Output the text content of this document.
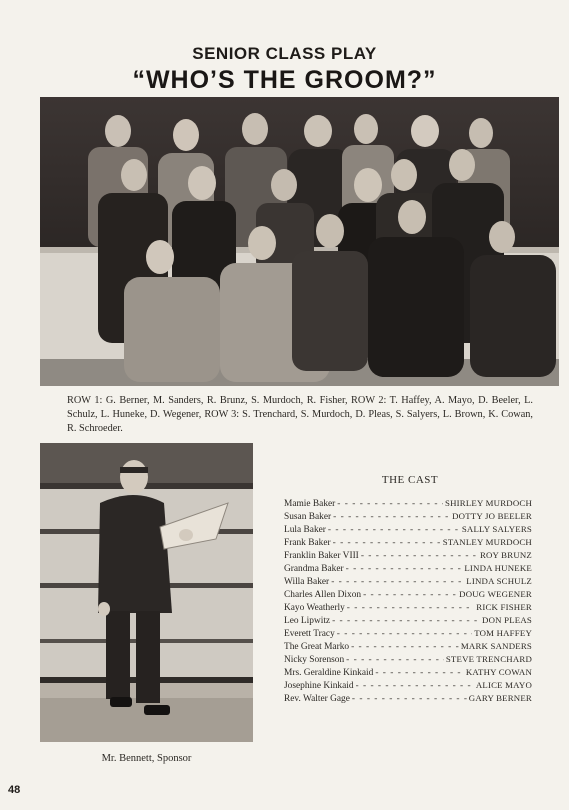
SENIOR CLASS PLAY
“WHO’S THE GROOM?”
ROW 1: G. Berner, M. Sanders, R. Brunz, S. Murdoch, R. Fisher, ROW 2: T. Haffey, A. Mayo, D. Beeler, L. Schulz, L. Huneke, D. Wegener, ROW 3: S. Trenchard, S. Murdoch, D. Pleas, S. Salyers, L. Brown, K. Cowan, R. Schroeder.
Mr. Bennett, Sponsor
THE CAST
Mamie Baker - - -	SHIRLEY MURDOCH
Susan Baker - - -	DOTTY JO BEELER
Lula Baker - - -	SALLY SALYERS
Frank Baker - - -	STANLEY MURDOCH
Franklin Baker VIII - - -	ROY BRUNZ
Grandma Baker - - -	LINDA HUNEKE
Willa Baker - - -	LINDA SCHULZ
Charles Allen Dixon - - -	DOUG WEGENER
Kayo Weatherly - - -	RICK FISHER
Leo Lipwitz - - -	DON PLEAS
Everett Tracy - - -	TOM HAFFEY
The Great Marko - - -	MARK SANDERS
Nicky Sorenson - - -	STEVE TRENCHARD
Mrs. Geraldine Kinkaid - - -	KATHY COWAN
Josephine Kinkaid - - -	ALICE MAYO
Rev. Walter Gage - - -	GARY BERNER
48
